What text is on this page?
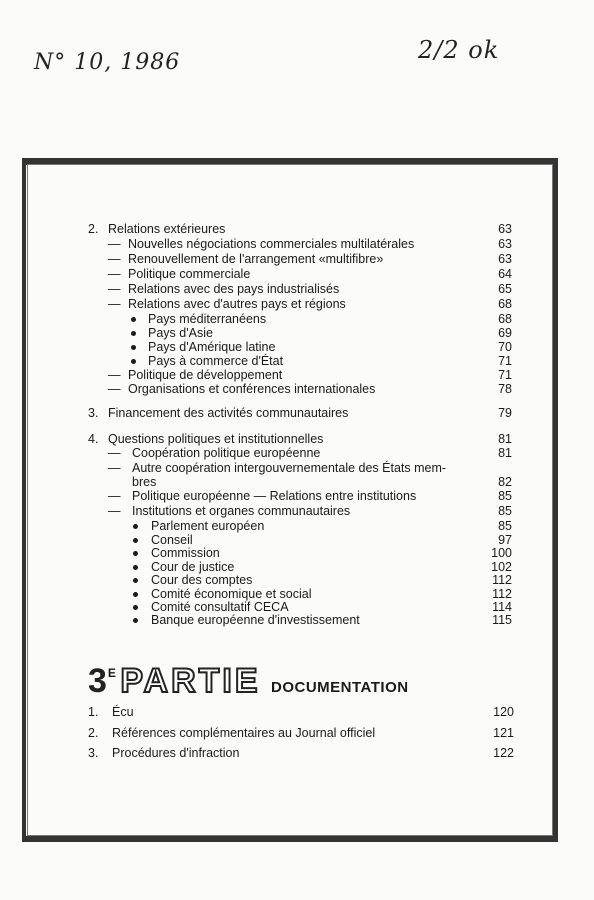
N° 10, 1986	2/2 ok
2. Relations extérieures	63
— Nouvelles négociations commerciales multilatérales	63
— Renouvellement de l'arrangement «multifibre»	63
— Politique commerciale	64
— Relations avec des pays industrialisés	65
— Relations avec d'autres pays et régions	68
Pays méditerranéens	68
Pays d'Asie	69
Pays d'Amérique latine	70
Pays à commerce d'État	71
— Politique de développement	71
— Organisations et conférences internationales	78
3. Financement des activités communautaires	79
4. Questions politiques et institutionnelles	81
— Coopération politique européenne	81
— Autre coopération intergouvernementale des États mem-
bres	82
— Politique européenne — Relations entre institutions	85
— Institutions et organes communautaires	85
Parlement européen	85
Conseil	97
Commission	100
Cour de justice	102
Cour des comptes	112
Comité économique et social	112
Comité consultatif CECA	114
Banque européenne d'investissement	115
$3^E$ PARTIE DOCUMENTATION
1. Écu	120
2. Références complémentaires au Journal officiel	121
3. Procédures d'infraction	122
